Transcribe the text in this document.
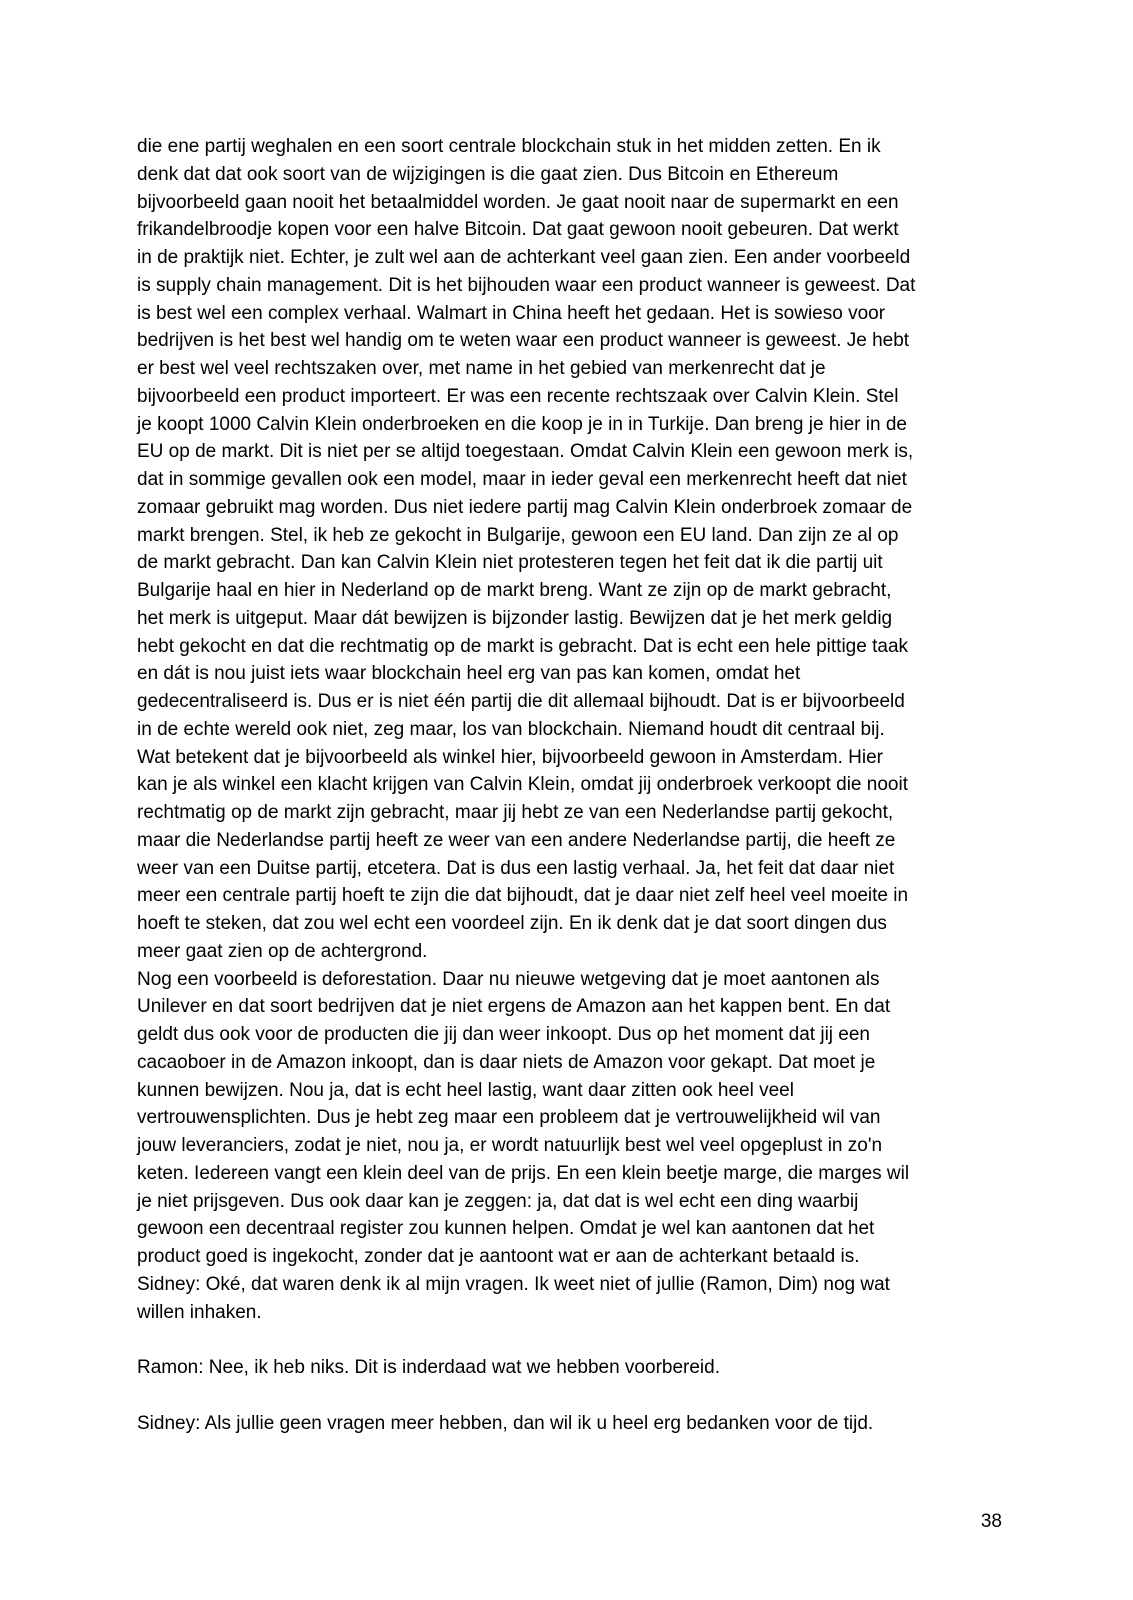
die ene partij weghalen en een soort centrale blockchain stuk in het midden zetten. En ik
denk dat dat ook soort van de wijzigingen is die gaat zien. Dus Bitcoin en Ethereum
bijvoorbeeld gaan nooit het betaalmiddel worden. Je gaat nooit naar de supermarkt en een
frikandelbroodje kopen voor een halve Bitcoin. Dat gaat gewoon nooit gebeuren. Dat werkt
in de praktijk niet. Echter, je zult wel aan de achterkant veel gaan zien. Een ander voorbeeld
is supply chain management. Dit is het bijhouden waar een product wanneer is geweest. Dat
is best wel een complex verhaal. Walmart in China heeft het gedaan. Het is sowieso voor
bedrijven is het best wel handig om te weten waar een product wanneer is geweest. Je hebt
er best wel veel rechtszaken over, met name in het gebied van merkenrecht dat je
bijvoorbeeld een product importeert. Er was een recente rechtszaak over Calvin Klein. Stel
je koopt 1000 Calvin Klein onderbroeken en die koop je in in Turkije. Dan breng je hier in de
EU op de markt. Dit is niet per se altijd toegestaan. Omdat Calvin Klein een gewoon merk is,
dat in sommige gevallen ook een model, maar in ieder geval een merkenrecht heeft dat niet
zomaar gebruikt mag worden. Dus niet iedere partij mag Calvin Klein onderbroek zomaar de
markt brengen. Stel, ik heb ze gekocht in Bulgarije, gewoon een EU land. Dan zijn ze al op
de markt gebracht. Dan kan Calvin Klein niet protesteren tegen het feit dat ik die partij uit
Bulgarije haal en hier in Nederland op de markt breng. Want ze zijn op de markt gebracht,
het merk is uitgeput. Maar dát bewijzen is bijzonder lastig. Bewijzen dat je het merk geldig
hebt gekocht en dat die rechtmatig op de markt is gebracht. Dat is echt een hele pittige taak
en dát is nou juist iets waar blockchain heel erg van pas kan komen, omdat het
gedecentraliseerd is. Dus er is niet één partij die dit allemaal bijhoudt. Dat is er bijvoorbeeld
in de echte wereld ook niet, zeg maar, los van blockchain. Niemand houdt dit centraal bij.
Wat betekent dat je bijvoorbeeld als winkel hier, bijvoorbeeld gewoon in Amsterdam. Hier
kan je als winkel een klacht krijgen van Calvin Klein, omdat jij onderbroek verkoopt die nooit
rechtmatig op de markt zijn gebracht, maar jij hebt ze van een Nederlandse partij gekocht,
maar die Nederlandse partij heeft ze weer van een andere Nederlandse partij, die heeft ze
weer van een Duitse partij, etcetera. Dat is dus een lastig verhaal. Ja, het feit dat daar niet
meer een centrale partij hoeft te zijn die dat bijhoudt, dat je daar niet zelf heel veel moeite in
hoeft te steken, dat zou wel echt een voordeel zijn. En ik denk dat je dat soort dingen dus
meer gaat zien op de achtergrond.

Nog een voorbeeld is deforestation. Daar nu nieuwe wetgeving dat je moet aantonen als
Unilever en dat soort bedrijven dat je niet ergens de Amazon aan het kappen bent. En dat
geldt dus ook voor de producten die jij dan weer inkoopt. Dus op het moment dat jij een
cacaoboer in de Amazon inkoopt, dan is daar niets de Amazon voor gekapt. Dat moet je
kunnen bewijzen. Nou ja, dat is echt heel lastig, want daar zitten ook heel veel
vertrouwensplichten. Dus je hebt zeg maar een probleem dat je vertrouwelijkheid wil van
jouw leveranciers, zodat je niet, nou ja, er wordt natuurlijk best wel veel opgeplust in zo'n
keten. Iedereen vangt een klein deel van de prijs. En een klein beetje marge, die marges wil
je niet prijsgeven. Dus ook daar kan je zeggen: ja, dat dat is wel echt een ding waarbij
gewoon een decentraal register zou kunnen helpen. Omdat je wel kan aantonen dat het
product goed is ingekocht, zonder dat je aantoont wat er aan de achterkant betaald is.

Sidney: Oké, dat waren denk ik al mijn vragen. Ik weet niet of jullie (Ramon, Dim) nog wat
willen inhaken.

Ramon: Nee, ik heb niks. Dit is inderdaad wat we hebben voorbereid.

Sidney: Als jullie geen vragen meer hebben, dan wil ik u heel erg bedanken voor de tijd.

38
